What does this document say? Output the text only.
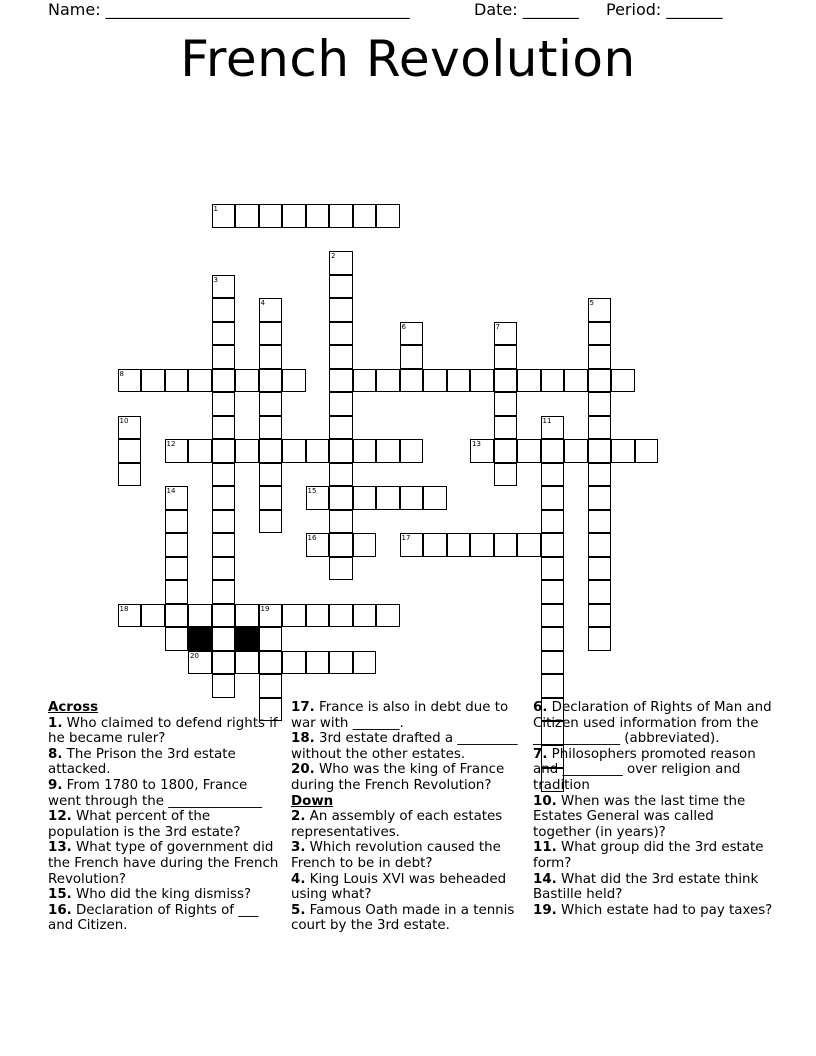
Name: ______________________________________	Date: _______ Period: _______
French Revolution
1
2
3
4	5
6	7
8
10	11
12	13
14	15
16	17
18	19
20
Across
1. Who claimed to defend rights if he became ruler?
8. The Prison the 3rd estate attacked.
9. From 1780 to 1800, France went through the ______________
12. What percent of the population is the 3rd estate?
13. What type of government did the French have during the French Revolution?
15. Who did the king dismiss?
16. Declaration of Rights of ___ and Citizen.
17. France is also in debt due to war with _______.
18. 3rd estate drafted a _________ without the other estates.
20. Who was the king of France during the French Revolution?
Down
2. An assembly of each estates representatives.
3. Which revolution caused the French to be in debt?
4. King Louis XVI was beheaded using what?
5. Famous Oath made in a tennis court by the 3rd estate.
6. Declaration of Rights of Man and Citizen used information from the _____________ (abbreviated).
7. Philosophers promoted reason and _________ over religion and tradition
10. When was the last time the Estates General was called together (in years)?
11. What group did the 3rd estate form?
14. What did the 3rd estate think Bastille held?
19. Which estate had to pay taxes?
